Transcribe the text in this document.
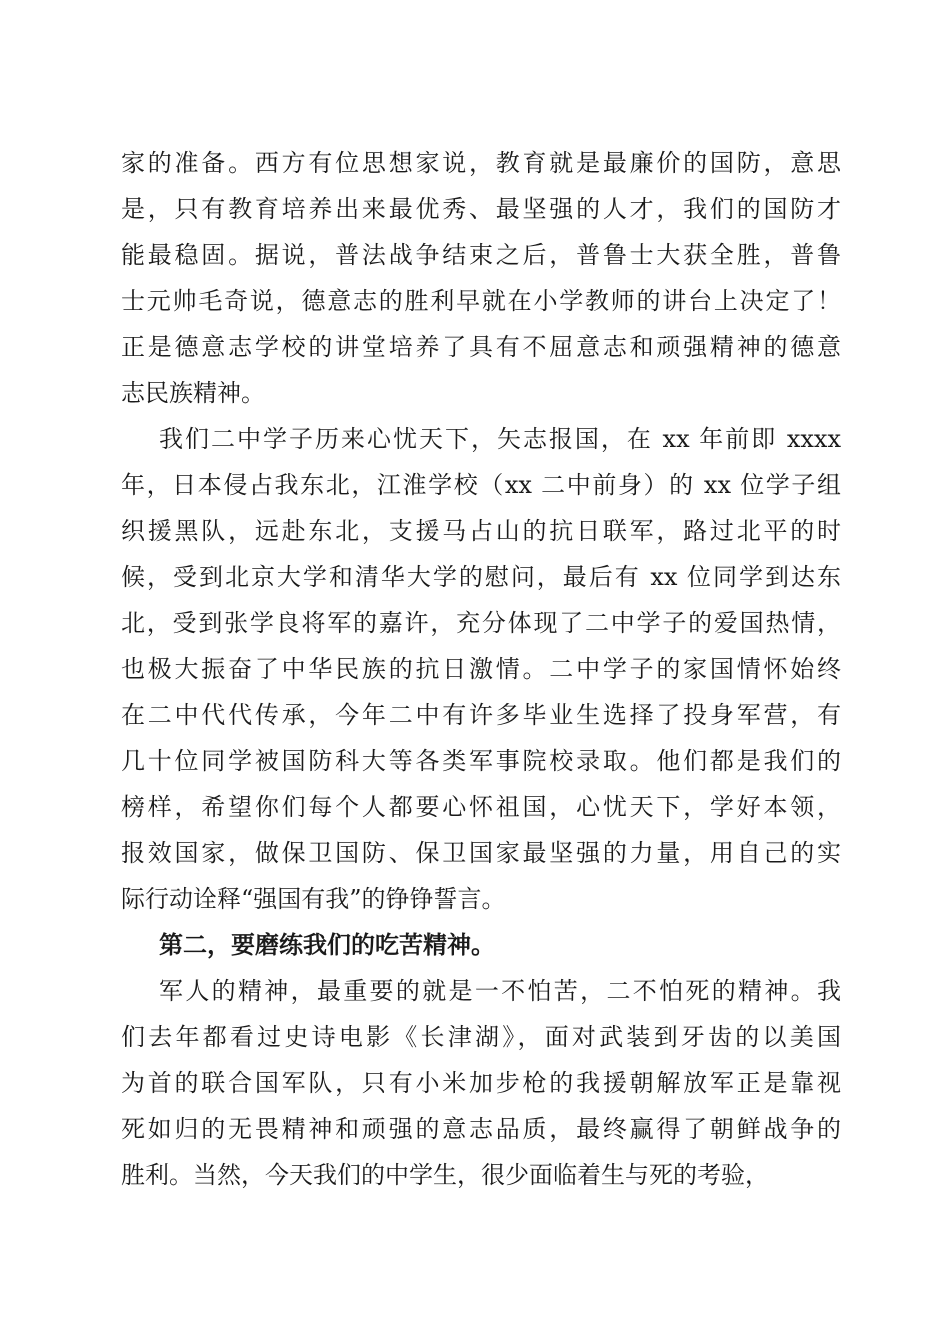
家的准备。西方有位思想家说，教育就是最廉价的国防，意思
是，只有教育培养出来最优秀、最坚强的人才，我们的国防才
能最稳固。据说，普法战争结束之后，普鲁士大获全胜，普鲁
士元帅毛奇说，德意志的胜利早就在小学教师的讲台上决定了！
正是德意志学校的讲堂培养了具有不屈意志和顽强精神的德意
志民族精神。
我们二中学子历来心忧天下，矢志报国，在 xx 年前即 xxxx
年，日本侵占我东北，江淮学校（xx 二中前身）的 xx 位学子组
织援黑队，远赴东北，支援马占山的抗日联军，路过北平的时
候，受到北京大学和清华大学的慰问，最后有 xx 位同学到达东
北，受到张学良将军的嘉许，充分体现了二中学子的爱国热情，
也极大振奋了中华民族的抗日激情。二中学子的家国情怀始终
在二中代代传承，今年二中有许多毕业生选择了投身军营，有
几十位同学被国防科大等各类军事院校录取。他们都是我们的
榜样，希望你们每个人都要心怀祖国，心忧天下，学好本领，
报效国家，做保卫国防、保卫国家最坚强的力量，用自己的实
际行动诠释“强国有我”的铮铮誓言。
第二，要磨练我们的吃苦精神。
军人的精神，最重要的就是一不怕苦，二不怕死的精神。我
们去年都看过史诗电影《长津湖》，面对武装到牙齿的以美国
为首的联合国军队，只有小米加步枪的我援朝解放军正是靠视
死如归的无畏精神和顽强的意志品质，最终赢得了朝鲜战争的
胜利。当然，今天我们的中学生，很少面临着生与死的考验，
